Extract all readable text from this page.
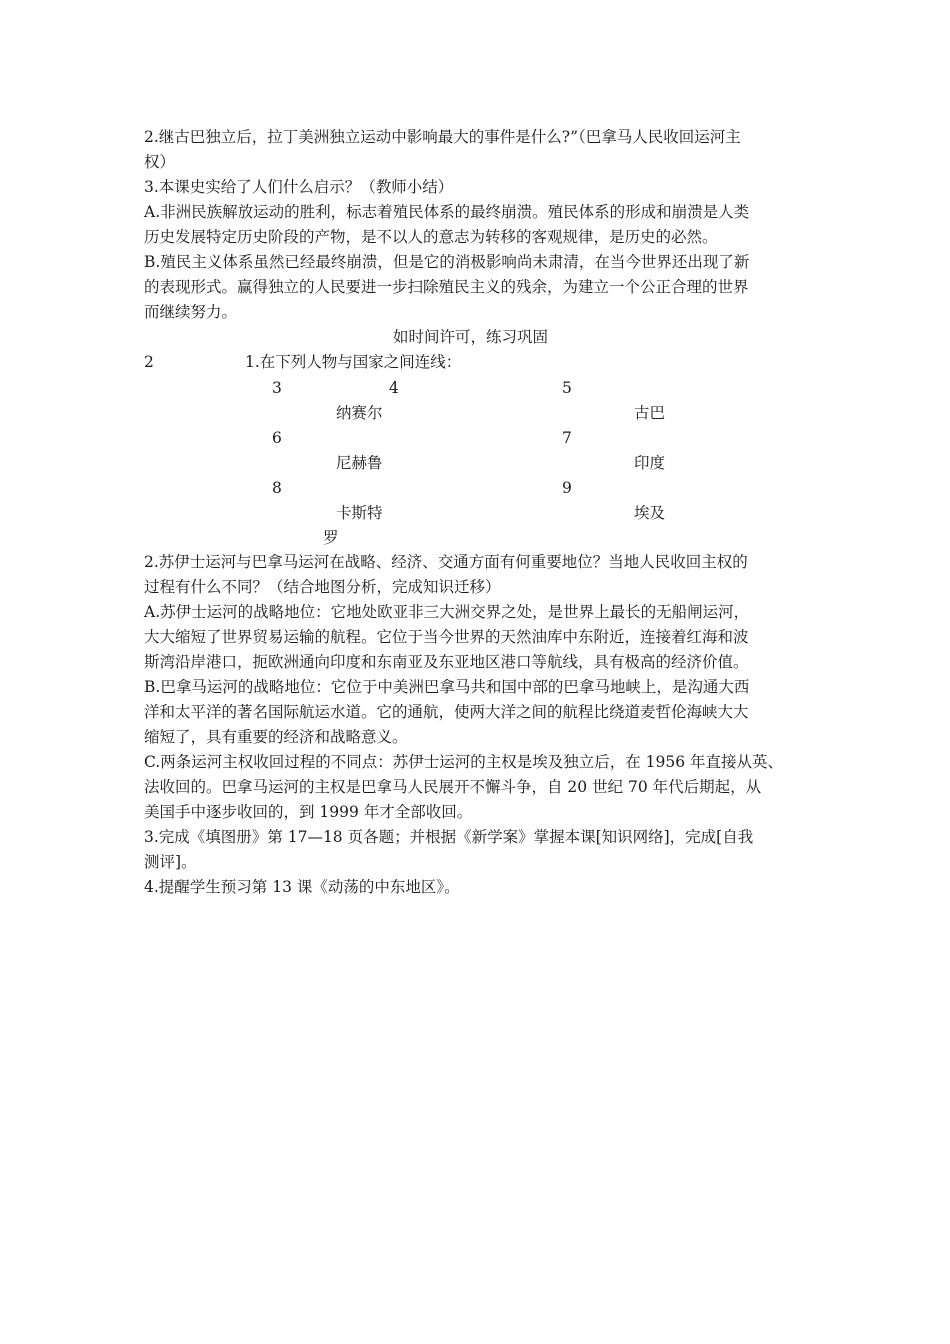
2.继古巴独立后，拉丁美洲独立运动中影响最大的事件是什么?”（巴拿马人民收回运河主
权）
3.本课史实给了人们什么启示？（教师小结）
A.非洲民族解放运动的胜利，标志着殖民体系的最终崩溃。殖民体系的形成和崩溃是人类
历史发展特定历史阶段的产物，是不以人的意志为转移的客观规律，是历史的必然。
B.殖民主义体系虽然已经最终崩溃，但是它的消极影响尚未肃清，在当今世界还出现了新
的表现形式。赢得独立的人民要进一步扫除殖民主义的残余，为建立一个公正合理的世界
而继续努力。
如时间许可，练习巩固
2	1.在下列人物与国家之间连线：
3	4	5
纳赛尔	古巴
6	7
尼赫鲁	印度
8	9
卡斯特	埃及
罗
2.苏伊士运河与巴拿马运河在战略、经济、交通方面有何重要地位？当地人民收回主权的
过程有什么不同？（结合地图分析，完成知识迁移）
A.苏伊士运河的战略地位：它地处欧亚非三大洲交界之处，是世界上最长的无船闸运河，
大大缩短了世界贸易运输的航程。它位于当今世界的天然油库中东附近，连接着红海和波
斯湾沿岸港口，扼欧洲通向印度和东南亚及东亚地区港口等航线，具有极高的经济价值。
B.巴拿马运河的战略地位：它位于中美洲巴拿马共和国中部的巴拿马地峡上，是沟通大西
洋和太平洋的著名国际航运水道。它的通航，使两大洋之间的航程比绕道麦哲伦海峡大大
缩短了，具有重要的经济和战略意义。
C.两条运河主权收回过程的不同点：苏伊士运河的主权是埃及独立后，在 1956 年直接从英、
法收回的。巴拿马运河的主权是巴拿马人民展开不懈斗争，自 20 世纪 70 年代后期起，从
美国手中逐步收回的，到 1999 年才全部收回。
3.完成《填图册》第 17—18 页各题；并根据《新学案》掌握本课[知识网络]，完成[自我
测评]。
4.提醒学生预习第 13 课《动荡的中东地区》。
